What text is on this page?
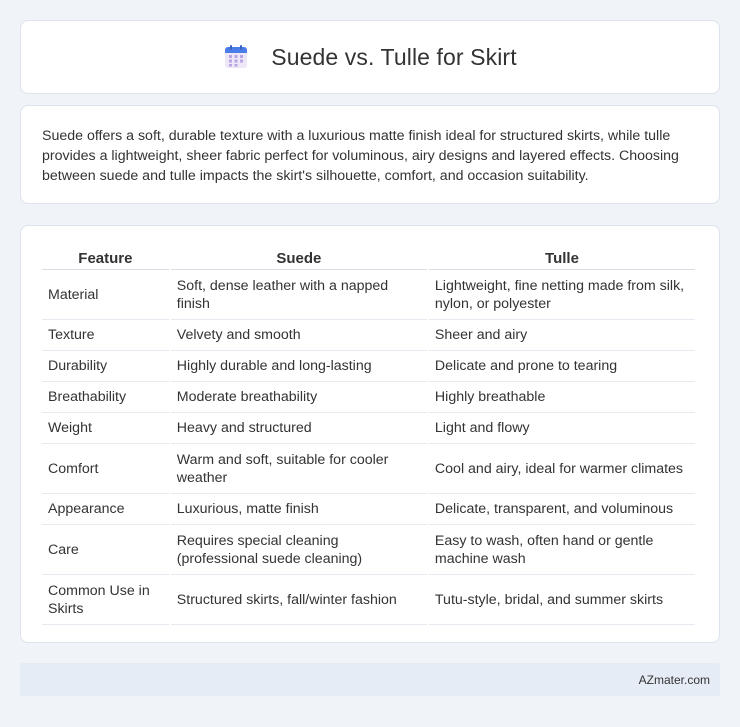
Suede vs. Tulle for Skirt

Suede offers a soft, durable texture with a luxurious matte finish ideal for structured skirts, while tulle provides a lightweight, sheer fabric perfect for voluminous, airy designs and layered effects. Choosing between suede and tulle impacts the skirt's silhouette, comfort, and occasion suitability.

Feature	Suede	Tulle
Material	Soft, dense leather with a napped finish	Lightweight, fine netting made from silk, nylon, or polyester
Texture	Velvety and smooth	Sheer and airy
Durability	Highly durable and long-lasting	Delicate and prone to tearing
Breathability	Moderate breathability	Highly breathable
Weight	Heavy and structured	Light and flowy
Comfort	Warm and soft, suitable for cooler weather	Cool and airy, ideal for warmer climates
Appearance	Luxurious, matte finish	Delicate, transparent, and voluminous
Care	Requires special cleaning (professional suede cleaning)	Easy to wash, often hand or gentle machine wash
Common Use in Skirts	Structured skirts, fall/winter fashion	Tutu-style, bridal, and summer skirts
AZmater.com
